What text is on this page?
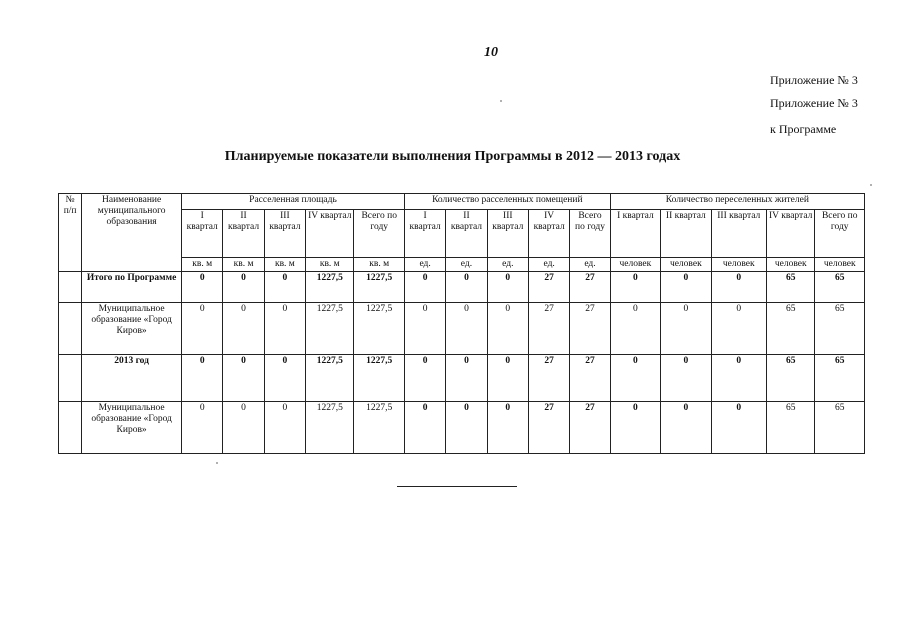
10
Приложение № 3
Приложение № 3
к Программе
Планируемые показатели выполнения Программы в 2012 — 2013 годах
№ п/п	Наименование муниципального образования	Расселенная площадь					Количество расселенных помещений					Количество переселенных жителей				
		I квартал	II квартал	III квартал	IV квартал	Всего по году	I квартал	II квартал	III квартал	IV квартал	Всего по году	I квартал	II квартал	III квартал	IV квартал	Всего по году
		кв. м	кв. м	кв. м	кв. м	кв. м	ед.	ед.	ед.	ед.	ед.	человек	человек	человек	человек	человек
	Итого по Программе	0	0	0	1227,5	1227,5	0	0	0	27	27	0	0	0	65	65
	Муниципальное образование «Город Киров»	0	0	0	1227,5	1227,5	0	0	0	27	27	0	0	0	65	65
	2013 год	0	0	0	1227,5	1227,5	0	0	0	27	27	0	0	0	65	65
	Муниципальное образование «Город Киров»	0	0	0	1227,5	1227,5	0	0	0	27	27	0	0	0	65	65
